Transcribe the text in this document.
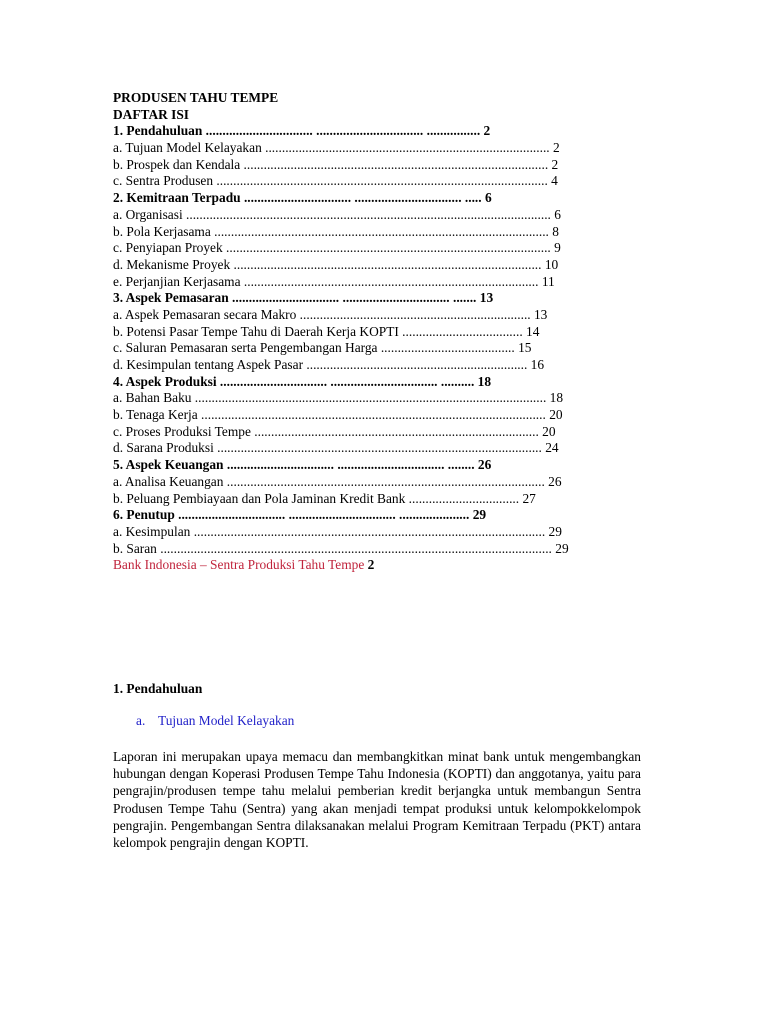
PRODUSEN TAHU TEMPE
DAFTAR ISI
1. Pendahuluan ................................ ................................ ................ 2
a. Tujuan Model Kelayakan ..................................................................................... 2
b. Prospek dan Kendala ........................................................................................... 2
c. Sentra Produsen ................................................................................................... 4
2. Kemitraan Terpadu ................................ ................................ ..... 6
a. Organisasi ............................................................................................................. 6
b. Pola Kerjasama .................................................................................................... 8
c. Penyiapan Proyek ................................................................................................. 9
d. Mekanisme Proyek ............................................................................................ 10
e. Perjanjian Kerjasama ........................................................................................ 11
3. Aspek Pemasaran ................................ ................................ ....... 13
a. Aspek Pemasaran secara Makro ..................................................................... 13
b. Potensi Pasar Tempe Tahu di Daerah Kerja KOPTI .................................... 14
c. Saluran Pemasaran serta Pengembangan Harga ........................................ 15
d. Kesimpulan tentang Aspek Pasar .................................................................. 16
4. Aspek Produksi ................................ ................................ .......... 18
a. Bahan Baku ......................................................................................................... 18
b. Tenaga Kerja ....................................................................................................... 20
c. Proses Produksi Tempe ..................................................................................... 20
d. Sarana Produksi ................................................................................................. 24
5. Aspek Keuangan ................................ ................................ ........ 26
a. Analisa Keuangan ............................................................................................... 26
b. Peluang Pembiayaan dan Pola Jaminan Kredit Bank ................................. 27
6. Penutup ................................ ................................ ..................... 29
a. Kesimpulan ......................................................................................................... 29
b. Saran ..................................................................................................................... 29
Bank Indonesia – Sentra Produksi Tahu Tempe 2
1. Pendahuluan
a. Tujuan Model Kelayakan
Laporan ini merupakan upaya memacu dan membangkitkan minat bank untuk mengembangkan hubungan dengan Koperasi Produsen Tempe Tahu Indonesia (KOPTI) dan anggotanya, yaitu para pengrajin/produsen tempe tahu melalui pemberian kredit berjangka untuk membangun Sentra Produsen Tempe Tahu (Sentra) yang akan menjadi tempat produksi untuk kelompokkelompok pengrajin. Pengembangan Sentra dilaksanakan melalui Program Kemitraan Terpadu (PKT) antara kelompok pengrajin dengan KOPTI.
